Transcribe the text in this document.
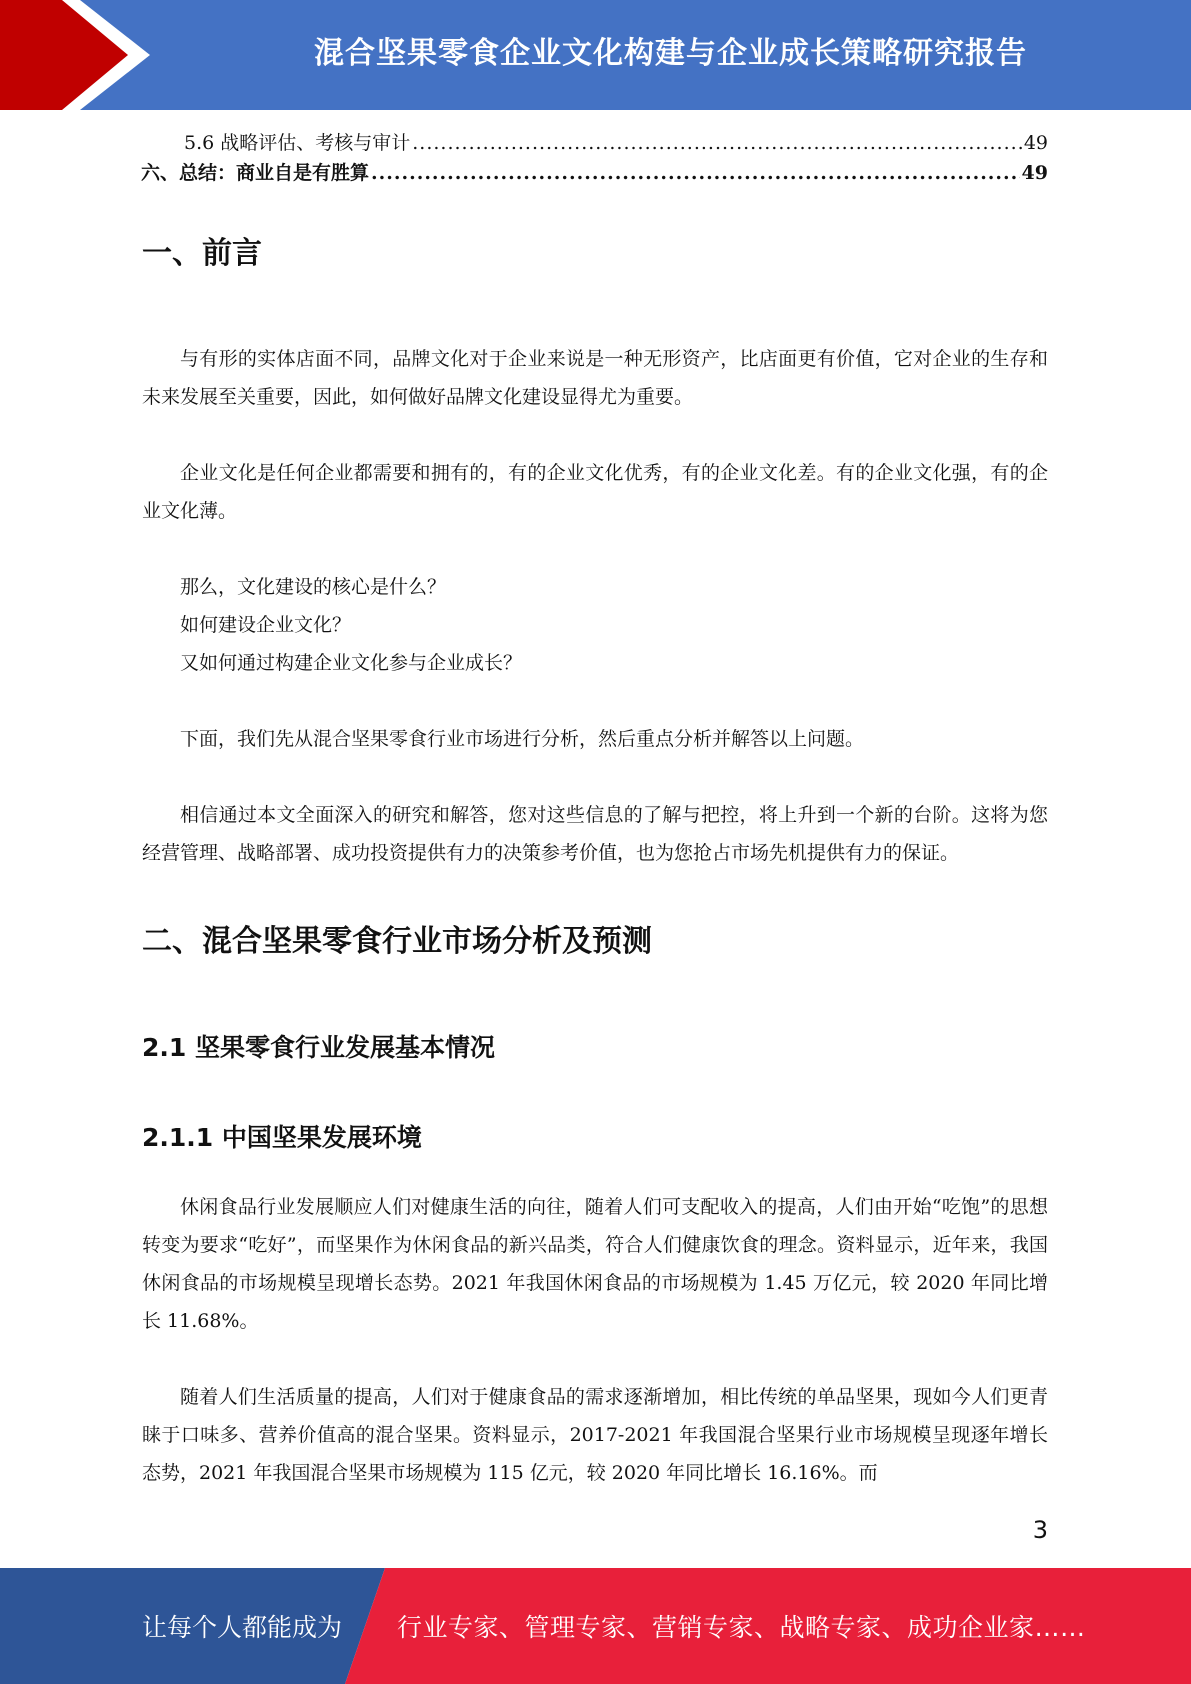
混合坚果零食企业文化构建与企业成长策略研究报告
5.6 战略评估、考核与审计 .....	49
六、总结：商业自是有胜算 .....	49
一、前言

与有形的实体店面不同，品牌文化对于企业来说是一种无形资产，比店面更有价值，它对企业的生存和未来发展至关重要，因此，如何做好品牌文化建设显得尤为重要。

企业文化是任何企业都需要和拥有的，有的企业文化优秀，有的企业文化差。有的企业文化强，有的企业文化薄。

那么，文化建设的核心是什么？

如何建设企业文化？

又如何通过构建企业文化参与企业成长？

下面，我们先从混合坚果零食行业市场进行分析，然后重点分析并解答以上问题。

相信通过本文全面深入的研究和解答，您对这些信息的了解与把控，将上升到一个新的台阶。这将为您经营管理、战略部署、成功投资提供有力的决策参考价值，也为您抢占市场先机提供有力的保证。

二、混合坚果零食行业市场分析及预测
2.1 坚果零食行业发展基本情况
2.1.1 中国坚果发展环境

休闲食品行业发展顺应人们对健康生活的向往，随着人们可支配收入的提高，人们由开始“吃饱”的思想转变为要求“吃好”，而坚果作为休闲食品的新兴品类，符合人们健康饮食的理念。资料显示，近年来，我国休闲食品的市场规模呈现增长态势。2021 年我国休闲食品的市场规模为 1.45 万亿元，较 2020 年同比增长 11.68%。

随着人们生活质量的提高，人们对于健康食品的需求逐渐增加，相比传统的单品坚果，现如今人们更青睐于口味多、营养价值高的混合坚果。资料显示，2017-2021 年我国混合坚果行业市场规模呈现逐年增长态势，2021 年我国混合坚果市场规模为 115 亿元，较 2020 年同比增长 16.16%。而

3
让每个人都能成为 行业专家、管理专家、营销专家、战略专家、成功企业家……
